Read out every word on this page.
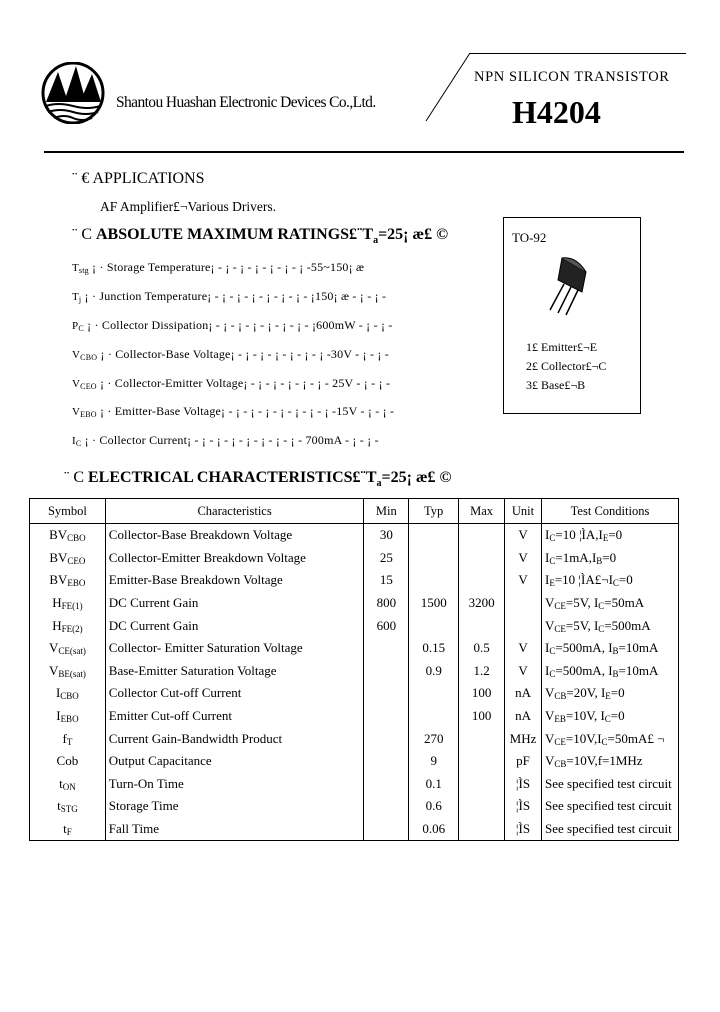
Shantou Huashan Electronic Devices Co.,Ltd.
NPN SILICON TRANSISTOR
H4204
¨ € APPLICATIONS
AF Amplifier£¬Various Drivers.
¨ C ABSOLUTE MAXIMUM $RATINGS£¨T_a=25¡$ æ£ ©
$T_{stg}$ ¡ · Storage Temperature¡ - ¡ - ¡ - ¡ - ¡ - ¡ - ¡ -55~150¡ æ
$T_j$ ¡ · Junction Temperature¡ - ¡ - ¡ - ¡ - ¡ - ¡ - ¡ - ¡150¡ æ - ¡ - ¡ -
$P_C$ ¡ · Collector Dissipation¡ - ¡ - ¡ - ¡ - ¡ - ¡ - ¡ - ¡600mW - ¡ - ¡ -
$V_{CBO}$ ¡ · Collector-Base Voltage¡ - ¡ - ¡ - ¡ - ¡ - ¡ - ¡ -30V - ¡ - ¡ -
$V_{CEO}$ ¡ · Collector-Emitter Voltage¡ - ¡ - ¡ - ¡ - ¡ - ¡ - 25V - ¡ - ¡ -
$V_{EBO}$ ¡ · Emitter-Base Voltage¡ - ¡ - ¡ - ¡ - ¡ - ¡ - ¡ - ¡ -15V - ¡ - ¡ -
$I_C$ ¡ · Collector Current¡ - ¡ - ¡ - ¡ - ¡ - ¡ - ¡ - ¡ - 700mA - ¡ - ¡ -
TO-92
1£ Emitter£¬E
2£ Collector£¬C
3£ Base£¬B
¨ C ELECTRICAL $CHARACTERISTICS£¨T_a=25¡$ æ£ ©
Symbol	Characteristics	Min	Typ	Max	Unit	Test Conditions
$BV_{CBO}$	Collector-Base Breakdown Voltage	30			V	$I_C=10$ $¦ÌA,I_E=0$
$BV_{CEO}$	Collector-Emitter Breakdown Voltage	25			V	$I_C=1mA,I_B=0$
$BV_{EBO}$	Emitter-Base Breakdown Voltage	15			V	$I_E=10$ $¦ÌA£\neg I_C=0$
$H_{FE(1)}$	DC Current Gain	800	1500	3200		$V_{CE}=5V$, $I_C=50mA$
$H_{FE(2)}$	DC Current Gain	600				$V_{CE}=5V$, $I_C=500mA$
$V_{CE(sat)}$	Collector- Emitter Saturation Voltage		0.15	0.5	V	$I_C=500mA$, $I_B=10mA$
$V_{BE(sat)}$	Base-Emitter Saturation Voltage		0.9	1.2	V	$I_C=500mA$, $I_B=10mA$
$I_{CBO}$	Collector Cut-off Current			100	nA	$V_{CB}=20V$, $I_E=0$
$I_{EBO}$	Emitter Cut-off Current			100	nA	$V_{EB}=10V$, $I_C=0$
$f_T$	Current Gain-Bandwidth Product		270		MHz	$V_{CE}=10V,I_C=50mA£$ ¬
Cob	Output Capacitance		9		pF	$V_{CB}=10V,f=1MHz$
$t_{ON}$	Turn-On Time		0.1		¦ÌS	See specified test circuit
$t_{STG}$	Storage Time		0.6		¦ÌS	See specified test circuit
$t_F$	Fall Time		0.06		¦ÌS	See specified test circuit
